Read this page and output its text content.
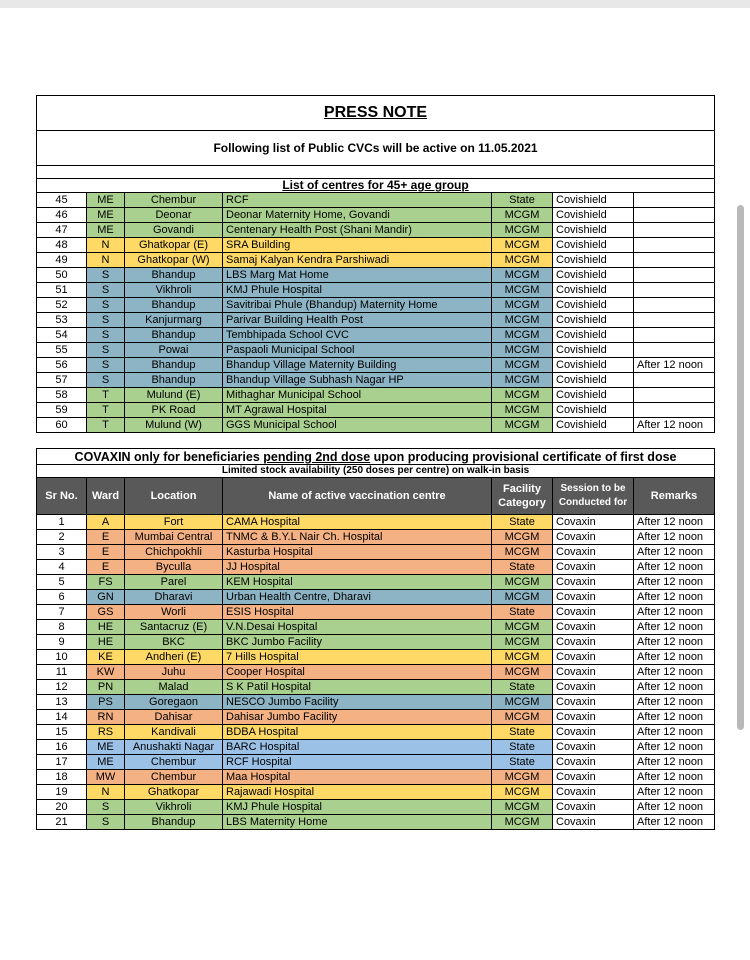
PRESS NOTE						
Following list of Public CVCs will be active on 11.05.2021						

List of centres for 45+ age group						
45	ME	Chembur	RCF	State	Covishield	
46	ME	Deonar	Deonar Maternity Home, Govandi	MCGM	Covishield	
47	ME	Govandi	Centenary Health Post (Shani Mandir)	MCGM	Covishield	
48	N	Ghatkopar (E)	SRA Building	MCGM	Covishield	
49	N	Ghatkopar (W)	Samaj Kalyan Kendra Parshiwadi	MCGM	Covishield	
50	S	Bhandup	LBS Marg Mat Home	MCGM	Covishield	
51	S	Vikhroli	KMJ Phule Hospital	MCGM	Covishield	
52	S	Bhandup	Savitribai Phule (Bhandup) Maternity Home	MCGM	Covishield	
53	S	Kanjurmarg	Parivar Building Health Post	MCGM	Covishield	
54	S	Bhandup	Tembhipada School CVC	MCGM	Covishield	
55	S	Powai	Paspaoli Municipal School	MCGM	Covishield	
56	S	Bhandup	Bhandup Village Maternity Building	MCGM	Covishield	After 12 noon
57	S	Bhandup	Bhandup Village Subhash Nagar HP	MCGM	Covishield	
58	T	Mulund (E)	Mithaghar Municipal School	MCGM	Covishield	
59	T	PK Road	MT Agrawal Hospital	MCGM	Covishield	
60	T	Mulund (W)	GGS Municipal School	MCGM	Covishield	After 12 noon
COVAXIN only for beneficiaries pending 2nd dose upon producing provisional certificate of first dose						
Limited stock availability (250 doses per centre) on walk-in basis						
Sr No.	Ward	Location	Name of active vaccination centre	Facility Category	Session to be Conducted for	Remarks
1	A	Fort	CAMA Hospital	State	Covaxin	After 12 noon
2	E	Mumbai Central	TNMC & B.Y.L Nair Ch. Hospital	MCGM	Covaxin	After 12 noon
3	E	Chichpokhli	Kasturba Hospital	MCGM	Covaxin	After 12 noon
4	E	Byculla	JJ Hospital	State	Covaxin	After 12 noon
5	FS	Parel	KEM Hospital	MCGM	Covaxin	After 12 noon
6	GN	Dharavi	Urban Health Centre, Dharavi	MCGM	Covaxin	After 12 noon
7	GS	Worli	ESIS Hospital	State	Covaxin	After 12 noon
8	HE	Santacruz (E)	V.N.Desai Hospital	MCGM	Covaxin	After 12 noon
9	HE	BKC	BKC Jumbo Facility	MCGM	Covaxin	After 12 noon
10	KE	Andheri (E)	7 Hills Hospital	MCGM	Covaxin	After 12 noon
11	KW	Juhu	Cooper Hospital	MCGM	Covaxin	After 12 noon
12	PN	Malad	S K Patil Hospital	State	Covaxin	After 12 noon
13	PS	Goregaon	NESCO Jumbo Facility	MCGM	Covaxin	After 12 noon
14	RN	Dahisar	Dahisar Jumbo Facility	MCGM	Covaxin	After 12 noon
15	RS	Kandivali	BDBA Hospital	State	Covaxin	After 12 noon
16	ME	Anushakti Nagar	BARC Hospital	State	Covaxin	After 12 noon
17	ME	Chembur	RCF Hospital	State	Covaxin	After 12 noon
18	MW	Chembur	Maa Hospital	MCGM	Covaxin	After 12 noon
19	N	Ghatkopar	Rajawadi Hospital	MCGM	Covaxin	After 12 noon
20	S	Vikhroli	KMJ Phule Hospital	MCGM	Covaxin	After 12 noon
21	S	Bhandup	LBS Maternity Home	MCGM	Covaxin	After 12 noon
